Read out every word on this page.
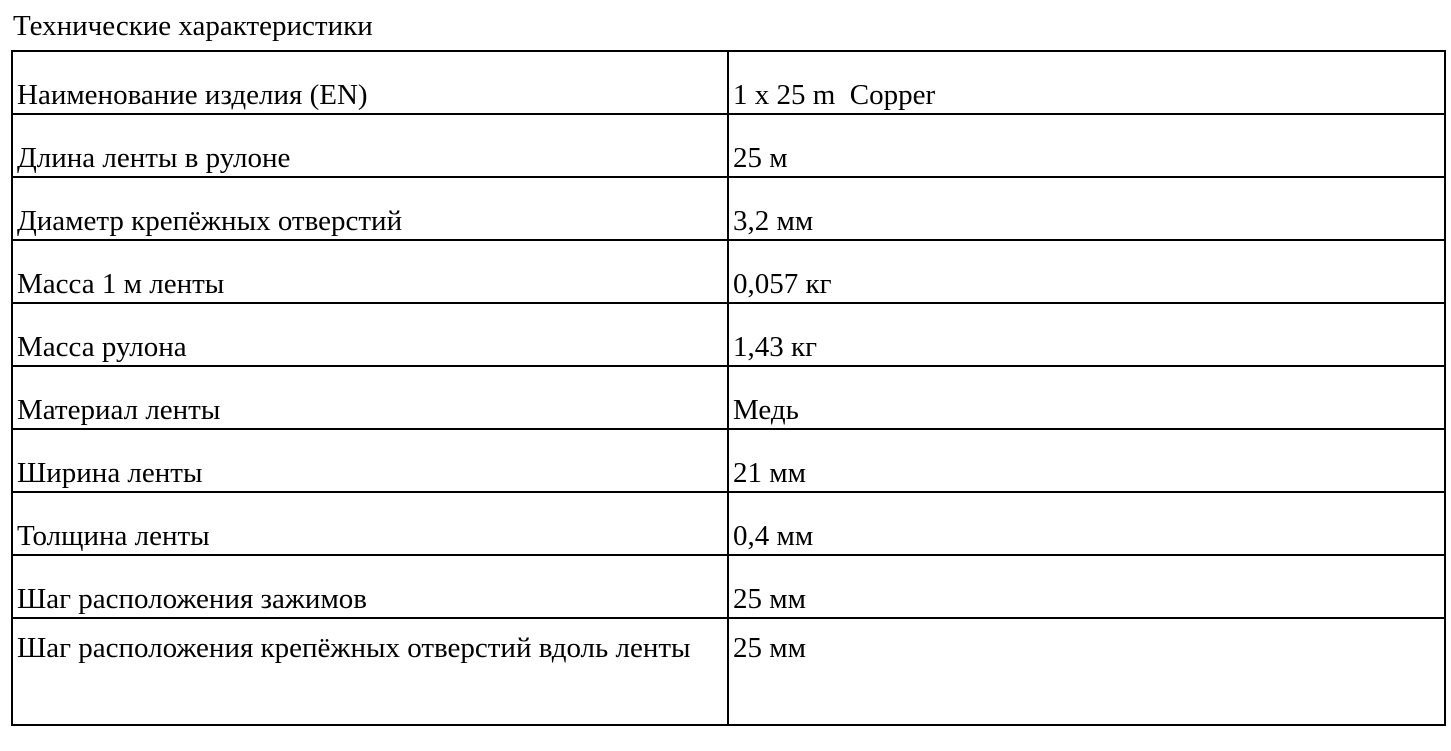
Технические характеристики
Наименование изделия (EN)	1 x 25 m  Copper
Длина ленты в рулоне	25 м
Диаметр крепёжных отверстий	3,2 мм
Масса 1 м ленты	0,057 кг
Масса рулона	1,43 кг
Материал ленты	Медь
Ширина ленты	21 мм
Толщина ленты	0,4 мм
Шаг расположения зажимов	25 мм
Шаг расположения крепёжных отверстий вдоль ленты	25 мм
